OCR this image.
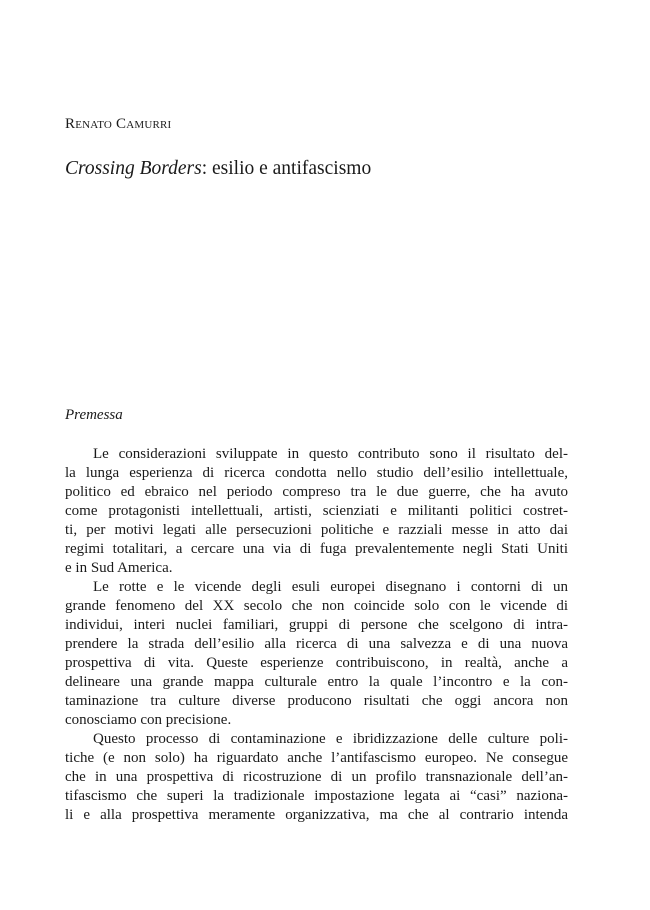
Renato Camurri

Crossing Borders: esilio e antifascismo
Premessa
Le considerazioni sviluppate in questo contributo sono il risultato del-
la lunga esperienza di ricerca condotta nello studio dell’esilio intellettuale,
politico ed ebraico nel periodo compreso tra le due guerre, che ha avuto
come protagonisti intellettuali, artisti, scienziati e militanti politici costret-
ti, per motivi legati alle persecuzioni politiche e razziali messe in atto dai
regimi totalitari, a cercare una via di fuga prevalentemente negli Stati Uniti
e in Sud America.
Le rotte e le vicende degli esuli europei disegnano i contorni di un
grande fenomeno del XX secolo che non coincide solo con le vicende di
individui, interi nuclei familiari, gruppi di persone che scelgono di intra-
prendere la strada dell’esilio alla ricerca di una salvezza e di una nuova
prospettiva di vita. Queste esperienze contribuiscono, in realtà, anche a
delineare una grande mappa culturale entro la quale l’incontro e la con-
taminazione tra culture diverse producono risultati che oggi ancora non
conosciamo con precisione.
Questo processo di contaminazione e ibridizzazione delle culture poli-
tiche (e non solo) ha riguardato anche l’antifascismo europeo. Ne consegue
che in una prospettiva di ricostruzione di un profilo transnazionale dell’an-
tifascismo che superi la tradizionale impostazione legata ai “casi” naziona-
li e alla prospettiva meramente organizzativa, ma che al contrario intenda
